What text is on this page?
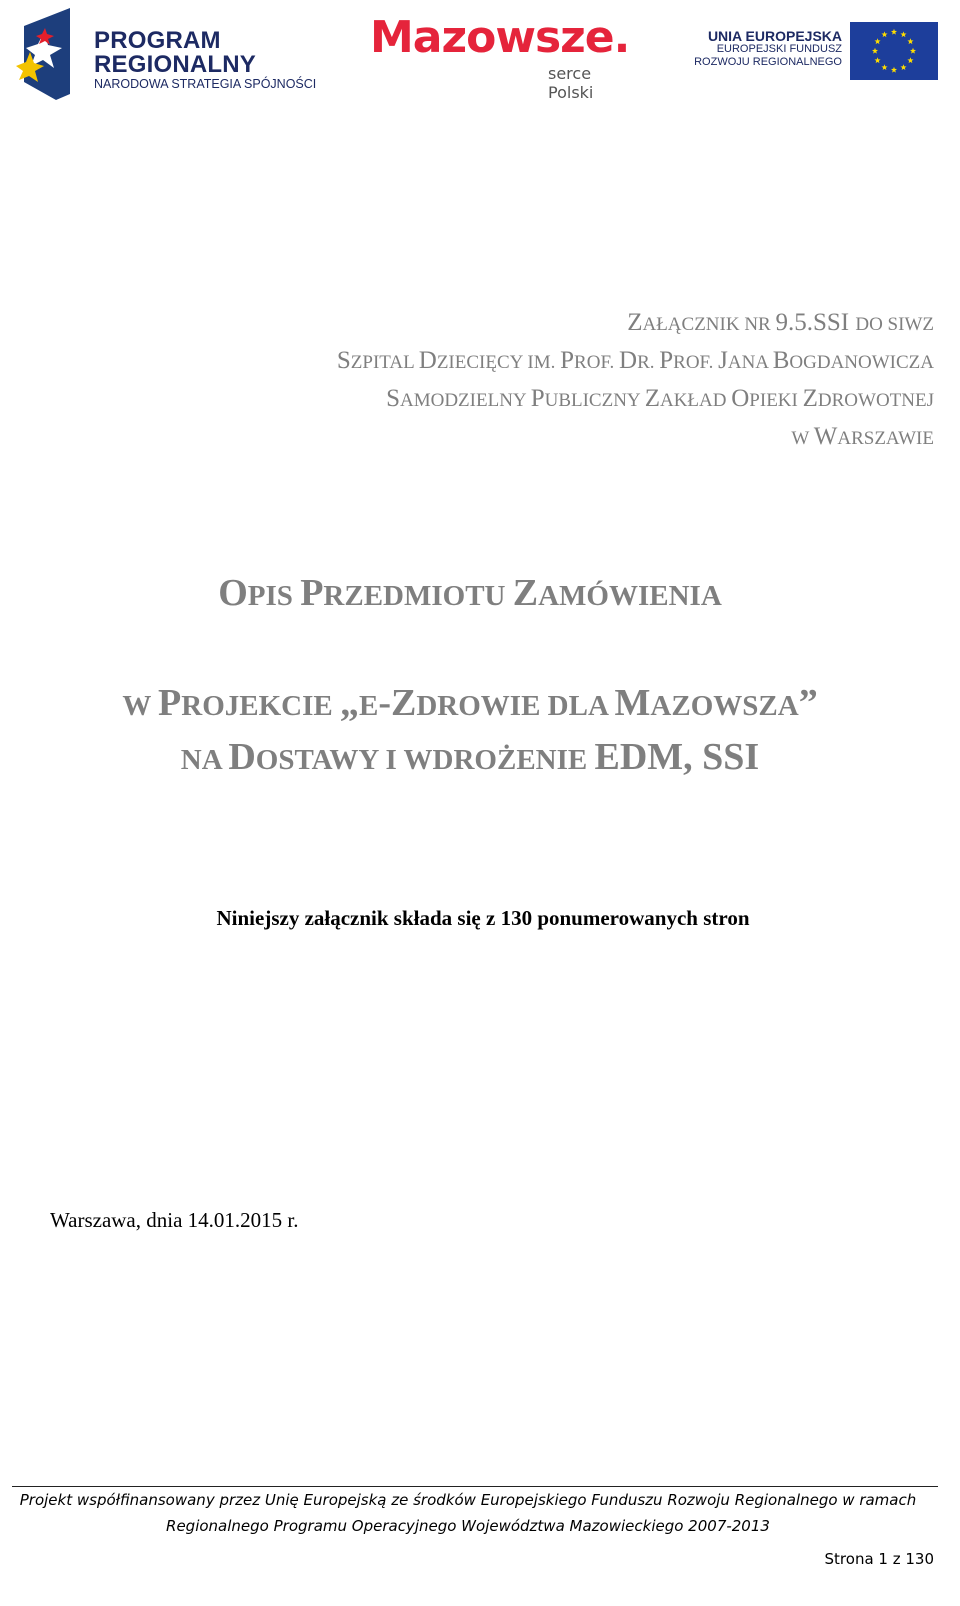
PROGRAM
REGIONALNY
NARODOWA STRATEGIA SPÓJNOŚCI
Mazowsze.
serce Polski
UNIA EUROPEJSKA
EUROPEJSKI FUNDUSZ
ROZWOJU REGIONALNEGO
ZAŁĄCZNIK NR 9.5.SSI DO SIWZ
SZPITAL DZIECIĘCY IM. PROF. DR. PROF. JANA BOGDANOWICZA
SAMODZIELNY PUBLICZNY ZAKŁAD OPIEKI ZDROWOTNEJ
W WARSZAWIE
OPIS PRZEDMIOTU ZAMÓWIENIA
W PROJEKCIE „E-ZDROWIE DLA MAZOWSZA”
NA DOSTAWY I WDROŻENIE EDM, SSI
Niniejszy załącznik składa się z 130 ponumerowanych stron
Warszawa, dnia 14.01.2015 r.
Projekt współfinansowany przez Unię Europejską ze środków Europejskiego Funduszu Rozwoju Regionalnego w ramach
Regionalnego Programu Operacyjnego Województwa Mazowieckiego 2007-2013
Strona 1 z 130
